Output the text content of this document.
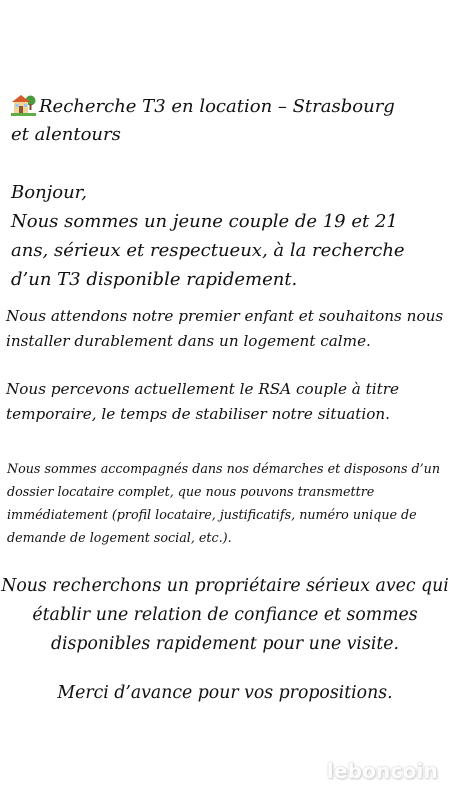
Recherche T3 en location – Strasbourg
et alentours
Bonjour,
Nous sommes un jeune couple de 19 et 21
ans, sérieux et respectueux, à la recherche
d’un T3 disponible rapidement.
Nous attendons notre premier enfant et souhaitons nous
installer durablement dans un logement calme.
Nous percevons actuellement le RSA couple à titre
temporaire, le temps de stabiliser notre situation.
Nous sommes accompagnés dans nos démarches et disposons d’un
dossier locataire complet, que nous pouvons transmettre
immédiatement (profil locataire, justificatifs, numéro unique de
demande de logement social, etc.).
Nous recherchons un propriétaire sérieux avec qui
établir une relation de confiance et sommes
disponibles rapidement pour une visite.
Merci d’avance pour vos propositions.
leboncoin
